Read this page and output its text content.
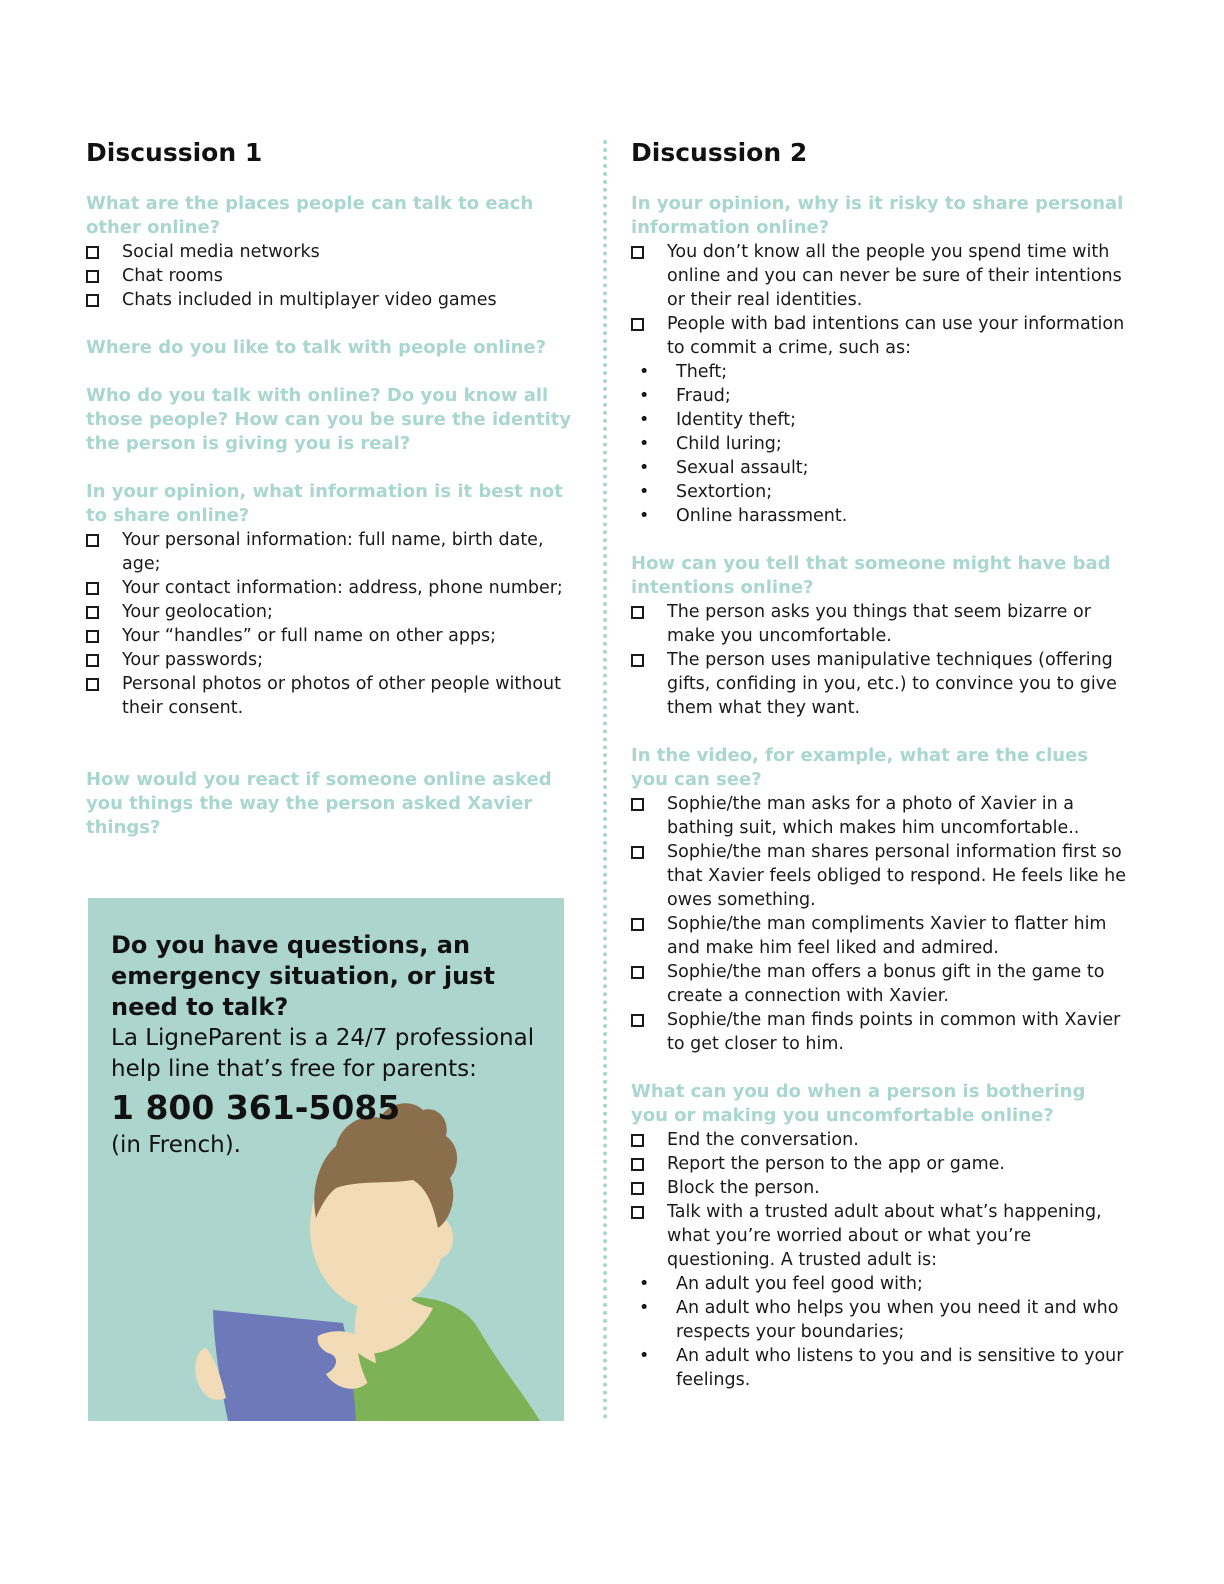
Discussion 1

What are the places people can talk to each other online?

Social media networks
Chat rooms
Chats included in multiplayer video games

Where do you like to talk with people online?

Who do you talk with online? Do you know all those people? How can you be sure the identity the person is giving you is real?

In your opinion, what information is it best not to share online?

Your personal information: full name, birth date, age;
Your contact information: address, phone number;
Your geolocation;
Your “handles” or full name on other apps;
Your passwords;
Personal photos or photos of other people without their consent.

How would you react if someone online asked you things the way the person asked Xavier things?

Do you have questions, an emergency situation, or just need to talk?

La LigneParent is a 24/7 professional help line that’s free for parents:

1 800 361-5085

(in French).

Discussion 2

In your opinion, why is it risky to share personal information online?

You don’t know all the people you spend time with online and you can never be sure of their intentions or their real identities.
People with bad intentions can use your information to commit a crime, such as:
• Theft;
• Fraud;
• Identity theft;
• Child luring;
• Sexual assault;
• Sextortion;
• Online harassment.

How can you tell that someone might have bad intentions online?

The person asks you things that seem bizarre or make you uncomfortable.
The person uses manipulative techniques (offering gifts, confiding in you, etc.) to convince you to give them what they want.

In the video, for example, what are the clues you can see?

Sophie/the man asks for a photo of Xavier in a bathing suit, which makes him uncomfortable..
Sophie/the man shares personal information first so that Xavier feels obliged to respond. He feels like he owes something.
Sophie/the man compliments Xavier to flatter him and make him feel liked and admired.
Sophie/the man offers a bonus gift in the game to create a connection with Xavier.
Sophie/the man finds points in common with Xavier to get closer to him.

What can you do when a person is bothering you or making you uncomfortable online?

End the conversation.
Report the person to the app or game.
Block the person.
Talk with a trusted adult about what’s happening, what you’re worried about or what you’re questioning. A trusted adult is:
• An adult you feel good with;
• An adult who helps you when you need it and who respects your boundaries;
• An adult who listens to you and is sensitive to your feelings.
